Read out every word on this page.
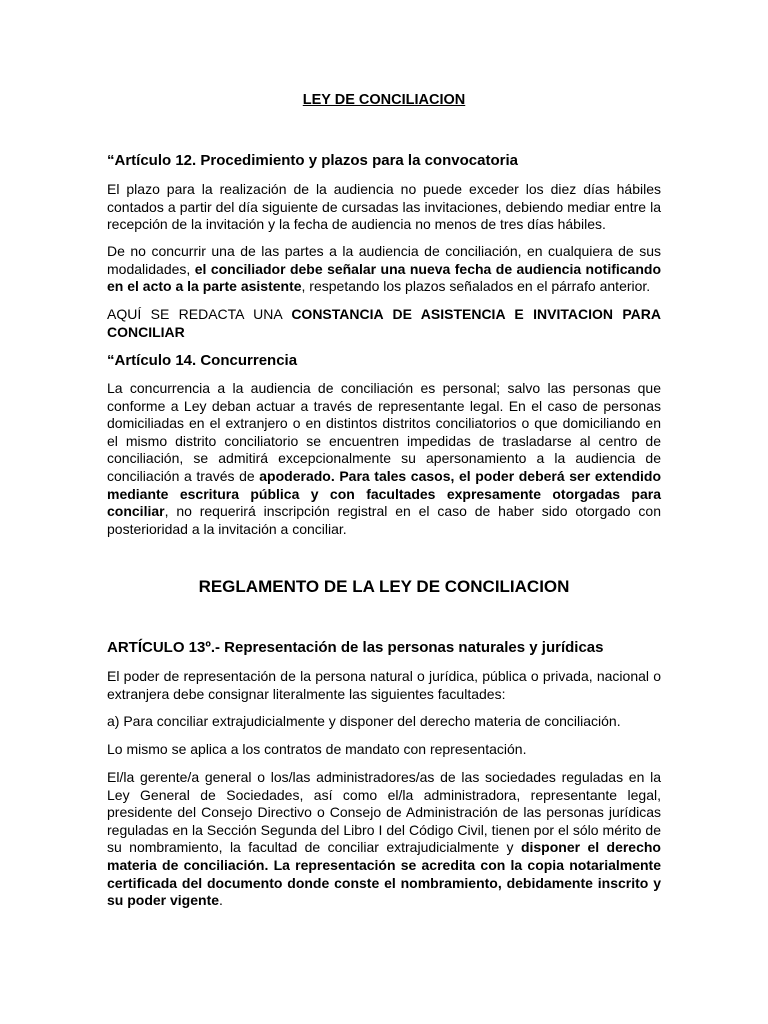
LEY DE CONCILIACION

“Artículo 12. Procedimiento y plazos para la convocatoria

El plazo para la realización de la audiencia no puede exceder los diez días hábiles contados a partir del día siguiente de cursadas las invitaciones, debiendo mediar entre la recepción de la invitación y la fecha de audiencia no menos de tres días hábiles.

De no concurrir una de las partes a la audiencia de conciliación, en cualquiera de sus modalidades, el conciliador debe señalar una nueva fecha de audiencia notificando en el acto a la parte asistente, respetando los plazos señalados en el párrafo anterior.

AQUÍ SE REDACTA UNA CONSTANCIA DE ASISTENCIA E INVITACION PARA CONCILIAR

“Artículo 14. Concurrencia

La concurrencia a la audiencia de conciliación es personal; salvo las personas que conforme a Ley deban actuar a través de representante legal. En el caso de personas domiciliadas en el extranjero o en distintos distritos conciliatorios o que domiciliando en el mismo distrito conciliatorio se encuentren impedidas de trasladarse al centro de conciliación, se admitirá excepcionalmente su apersonamiento a la audiencia de conciliación a través de apoderado. Para tales casos, el poder deberá ser extendido mediante escritura pública y con facultades expresamente otorgadas para conciliar, no requerirá inscripción registral en el caso de haber sido otorgado con posterioridad a la invitación a conciliar.

REGLAMENTO DE LA LEY DE CONCILIACION

ARTÍCULO 13º.- Representación de las personas naturales y jurídicas

El poder de representación de la persona natural o jurídica, pública o privada, nacional o extranjera debe consignar literalmente las siguientes facultades:

a) Para conciliar extrajudicialmente y disponer del derecho materia de conciliación.

Lo mismo se aplica a los contratos de mandato con representación.

El/la gerente/a general o los/las administradores/as de las sociedades reguladas en la Ley General de Sociedades, así como el/la administradora, representante legal, presidente del Consejo Directivo o Consejo de Administración de las personas jurídicas reguladas en la Sección Segunda del Libro I del Código Civil, tienen por el sólo mérito de su nombramiento, la facultad de conciliar extrajudicialmente y disponer el derecho materia de conciliación. La representación se acredita con la copia notarialmente certificada del documento donde conste el nombramiento, debidamente inscrito y su poder vigente.
